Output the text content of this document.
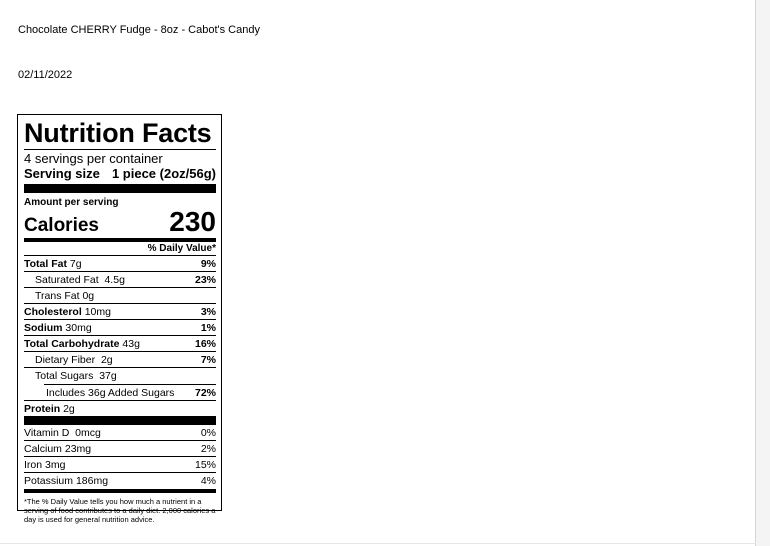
Chocolate CHERRY Fudge - 8oz - Cabot's Candy
02/11/2022
Nutrition Facts
4 servings per container
Serving size 1 piece (2oz/56g)
Amount per serving
Calories	230
% Daily Value*
Total Fat 7g	9%
Saturated Fat 4.5g	23%
Trans Fat 0g
Cholesterol 10mg	3%
Sodium 30mg	1%
Total Carbohydrate 43g	16%
Dietary Fiber 2g	7%
Total Sugars 37g
Includes 36g Added Sugars 72%
Protein 2g
Vitamin D 0mcg	0%
Calcium 23mg	2%
Iron 3mg	15%
Potassium 186mg	4%
*The % Daily Value tells you how much a nutrient in a serving of food contributes to a daily diet. 2,000 calories a day is used for general nutrition advice.
